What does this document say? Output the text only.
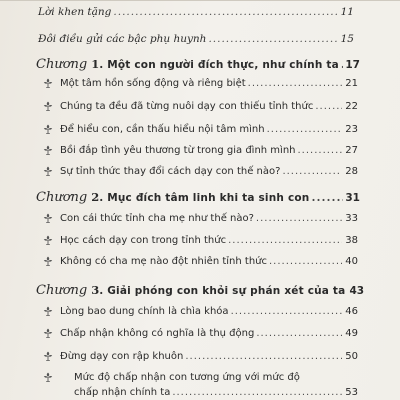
Lời khen tặng .....	11
Đôi điều gửi các bậc phụ huynh .....	15
Chương 1. Một con người đích thực, như chính ta ..... 17
Một tâm hồn sống động và riêng biệt .....	21
Chúng ta đều đã từng nuôi dạy con thiếu tỉnh thức .....	22
Để hiểu con, cần thấu hiểu nội tâm mình .....	23
Bồi đắp tình yêu thương từ trong gia đình mình .....	27
Sự tỉnh thức thay đổi cách dạy con thế nào? .....	28
Chương 2. Mục đích tâm linh khi ta sinh con .....	31
Con cái thức tỉnh cha mẹ như thế nào? .....	33
Học cách dạy con trong tỉnh thức .....	38
Không có cha mẹ nào đột nhiên tỉnh thức .....	40
Chương 3. Giải phóng con khỏi sự phán xét của ta 43
Lòng bao dung chính là chìa khóa .....	46
Chấp nhận không có nghĩa là thụ động .....	49
Đừng dạy con rập khuôn .....	50
Mức độ chấp nhận con tương ứng với mức độ
chấp nhận chính ta .....	53
